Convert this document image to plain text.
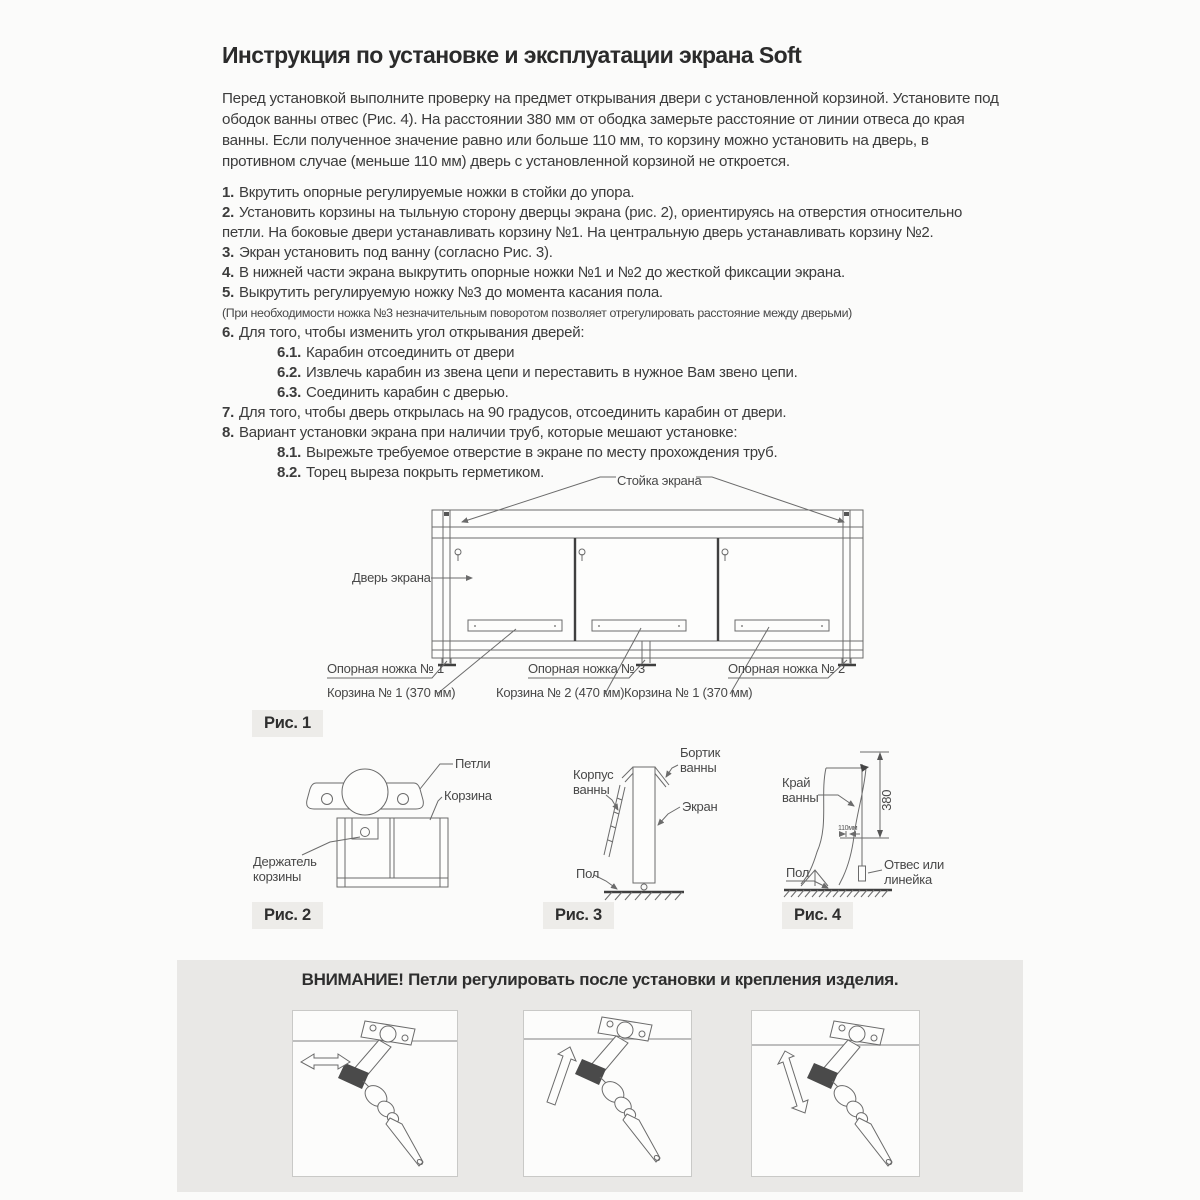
Инструкция по установке и эксплуатации экрана Soft
Перед установкой выполните проверку на предмет открывания двери с установленной корзиной. Установите под ободок ванны отвес (Рис. 4). На расстоянии 380 мм от ободка замерьте расстояние от линии отвеса до края ванны. Если полученное значение равно или больше 110 мм, то корзину можно установить на дверь, в противном случае (меньше 110 мм) дверь с установленной корзиной не откроется.
1. Вкрутить опорные регулируемые ножки в стойки до упора.
2. Установить корзины на тыльную сторону дверцы экрана (рис. 2), ориентируясь на отверстия относительно петли. На боковые двери устанавливать корзину №1. На центральную дверь устанавливать корзину №2.
3. Экран установить под ванну (согласно Рис. 3).
4. В нижней части экрана выкрутить опорные ножки №1 и №2 до жесткой фиксации экрана.
5. Выкрутить регулируемую ножку №3 до момента касания пола.
(При необходимости ножка №3 незначительным поворотом позволяет отрегулировать расстояние между дверьми)
6. Для того, чтобы изменить угол открывания дверей:
6.1. Карабин отсоединить от двери
6.2. Извлечь карабин из звена цепи и переставить в нужное Вам звено цепи.
6.3. Соединить карабин с дверью.
7. Для того, чтобы дверь открылась на 90 градусов, отсоединить карабин от двери.
8. Вариант установки экрана при наличии труб, которые мешают установке:
8.1. Вырежьте требуемое отверстие в экране по месту прохождения труб.
8.2. Торец выреза покрыть герметиком.	Стойка экрана
Дверь экрана
Опорная ножка № 1	Опорная ножка № 3	Опорная ножка № 2
Корзина № 1 (370 мм)	Корзина № 2 (470 мм) Корзина № 1 (370 мм)
Рис. 1
Петли
Корзина
Держатель корзины
Рис. 2
Бортик ванны
Корпус ванны
Экран
Пол
Рис. 3
Край ванны	380
110мм
Пол
Отвес или линейка
Рис. 4
ВНИМАНИЕ! Петли регулировать после установки и крепления изделия.
